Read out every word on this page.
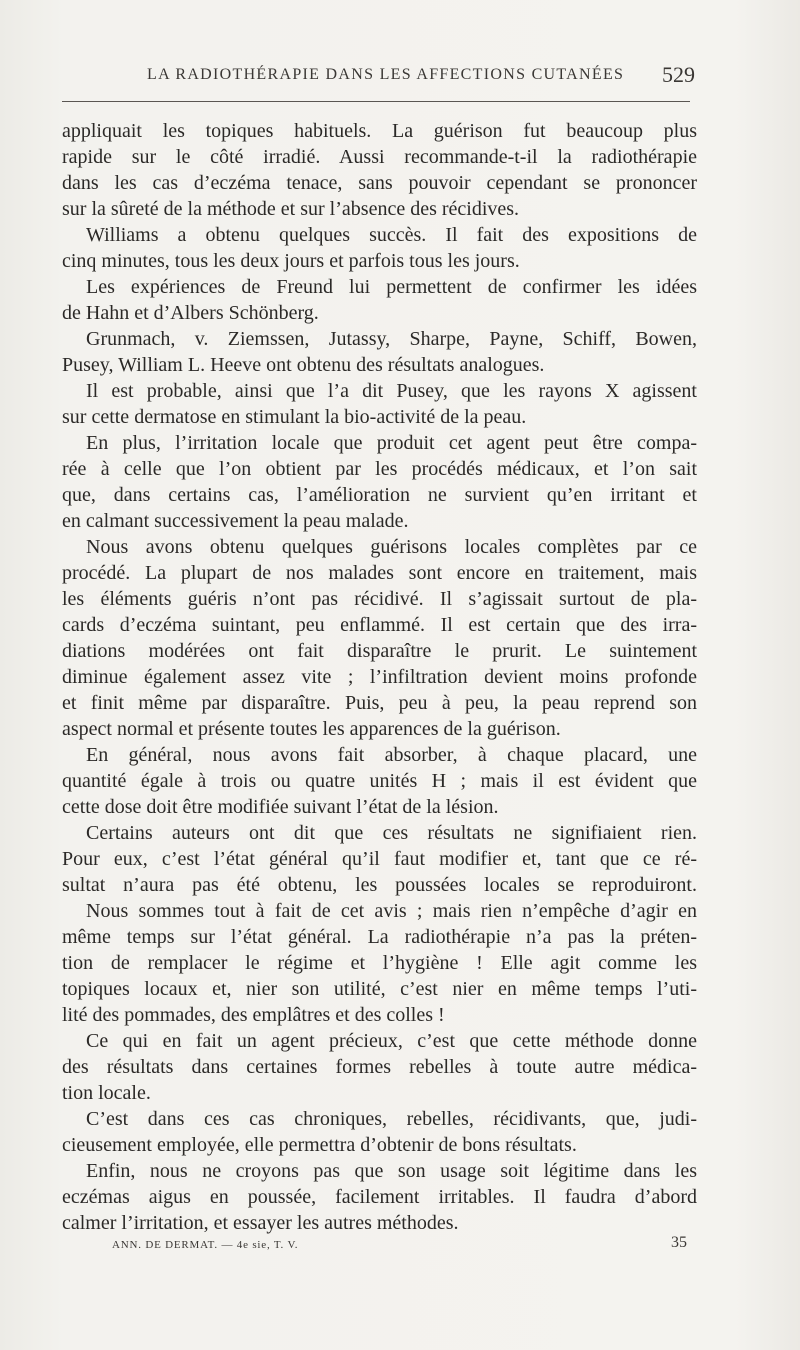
LA RADIOTHÉRAPIE DANS LES AFFECTIONS CUTANÉES 529
appliquait les topiques habituels. La guérison fut beaucoup plus
rapide sur le côté irradié. Aussi recommande-t-il la radiothérapie
dans les cas d’eczéma tenace, sans pouvoir cependant se prononcer
sur la sûreté de la méthode et sur l’absence des récidives.
Williams a obtenu quelques succès. Il fait des expositions de
cinq minutes, tous les deux jours et parfois tous les jours.
Les expériences de Freund lui permettent de confirmer les idées
de Hahn et d’Albers Schönberg.
Grunmach, v. Ziemssen, Jutassy, Sharpe, Payne, Schiff, Bowen,
Pusey, William L. Heeve ont obtenu des résultats analogues.
Il est probable, ainsi que l’a dit Pusey, que les rayons X agissent
sur cette dermatose en stimulant la bio-activité de la peau.
En plus, l’irritation locale que produit cet agent peut être compa-
rée à celle que l’on obtient par les procédés médicaux, et l’on sait
que, dans certains cas, l’amélioration ne survient qu’en irritant et
en calmant successivement la peau malade.
Nous avons obtenu quelques guérisons locales complètes par ce
procédé. La plupart de nos malades sont encore en traitement, mais
les éléments guéris n’ont pas récidivé. Il s’agissait surtout de pla-
cards d’eczéma suintant, peu enflammé. Il est certain que des irra-
diations modérées ont fait disparaître le prurit. Le suintement
diminue également assez vite ; l’infiltration devient moins profonde
et finit même par disparaître. Puis, peu à peu, la peau reprend son
aspect normal et présente toutes les apparences de la guérison.
En général, nous avons fait absorber, à chaque placard, une
quantité égale à trois ou quatre unités H ; mais il est évident que
cette dose doit être modifiée suivant l’état de la lésion.
Certains auteurs ont dit que ces résultats ne signifiaient rien.
Pour eux, c’est l’état général qu’il faut modifier et, tant que ce ré-
sultat n’aura pas été obtenu, les poussées locales se reproduiront.
Nous sommes tout à fait de cet avis ; mais rien n’empêche d’agir en
même temps sur l’état général. La radiothérapie n’a pas la préten-
tion de remplacer le régime et l’hygiène ! Elle agit comme les
topiques locaux et, nier son utilité, c’est nier en même temps l’uti-
lité des pommades, des emplâtres et des colles !
Ce qui en fait un agent précieux, c’est que cette méthode donne
des résultats dans certaines formes rebelles à toute autre médica-
tion locale.
C’est dans ces cas chroniques, rebelles, récidivants, que, judi-
cieusement employée, elle permettra d’obtenir de bons résultats.
Enfin, nous ne croyons pas que son usage soit légitime dans les
eczémas aigus en poussée, facilement irritables. Il faudra d’abord
calmer l’irritation, et essayer les autres méthodes.
ANN. DE DERMAT. — 4e sie, T. V.	35
